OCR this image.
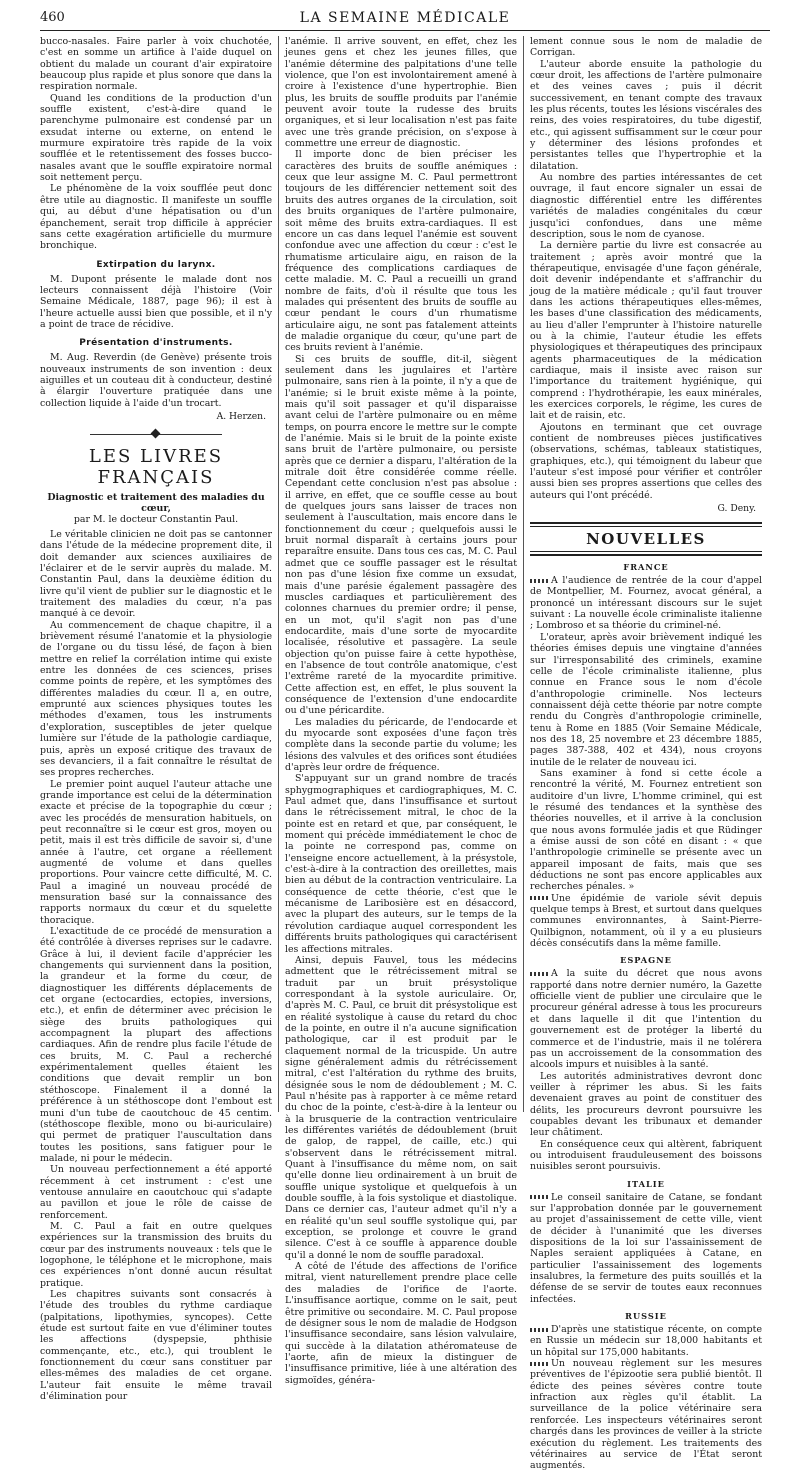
460	LA SEMAINE MÉDICALE

bucco-nasales. Faire parler à voix chuchotée, c'est en somme un artifice à l'aide duquel on obtient du malade un courant d'air expiratoire beaucoup plus rapide et plus sonore que dans la respiration normale.

Quand les conditions de la production d'un souffle existent, c'est-à-dire quand le parenchyme pulmonaire est condensé par un exsudat interne ou externe, on entend le murmure expiratoire très rapide de la voix soufflée et le retentissement des fosses bucco-nasales avant que le souffle expiratoire normal soit nettement perçu.

Le phénomène de la voix soufflée peut donc être utile au diagnostic. Il manifeste un souffle qui, au début d'une hépatisation ou d'un épanchement, serait trop difficile à apprécier sans cette exagération artificielle du murmure bronchique.

Extirpation du larynx.

M. Dupont présente le malade dont nos lecteurs connaissent déjà l'histoire (Voir Semaine Médicale, 1887, page 96); il est à l'heure actuelle aussi bien que possible, et il n'y a point de trace de récidive.

Présentation d'instruments.

M. Aug. Reverdin (de Genève) présente trois nouveaux instruments de son invention : deux aiguilles et un couteau dit à conducteur, destiné à élargir l'ouverture pratiquée dans une collection liquide à l'aide d'un trocart.

A. Herzen.
LES LIVRES FRANÇAIS
Diagnostic et traitement des maladies du cœur,
par M. le docteur Constantin Paul.

Le véritable clinicien ne doit pas se cantonner dans l'étude de la médecine proprement dite, il doit demander aux sciences auxiliaires de l'éclairer et de le servir auprès du malade. M. Constantin Paul, dans la deuxième édition du livre qu'il vient de publier sur le diagnostic et le traitement des maladies du cœur, n'a pas manqué à ce devoir.

Au commencement de chaque chapitre, il a brièvement résumé l'anatomie et la physiologie de l'organe ou du tissu lésé, de façon à bien mettre en relief la corrélation intime qui existe entre les données de ces sciences, prises comme points de repère, et les symptômes des différentes maladies du cœur. Il a, en outre, emprunté aux sciences physiques toutes les méthodes d'examen, tous les instruments d'exploration, susceptibles de jeter quelque lumière sur l'étude de la pathologie cardiaque, puis, après un exposé critique des travaux de ses devanciers, il a fait connaître le résultat de ses propres recherches.

Le premier point auquel l'auteur attache une grande importance est celui de la détermination exacte et précise de la topographie du cœur ; avec les procédés de mensuration habituels, on peut reconnaître si le cœur est gros, moyen ou petit, mais il est très difficile de savoir si, d'une année à l'autre, cet organe a réellement augmenté de volume et dans quelles proportions. Pour vaincre cette difficulté, M. C. Paul a imaginé un nouveau procédé de mensuration basé sur la connaissance des rapports normaux du cœur et du squelette thoracique.

L'exactitude de ce procédé de mensuration a été contrôlée à diverses reprises sur le cadavre. Grâce à lui, il devient facile d'apprécier les changements qui surviennent dans la position, la grandeur et la forme du cœur, de diagnostiquer les différents déplacements de cet organe (ectocardies, ectopies, inversions, etc.), et enfin de déterminer avec précision le siège des bruits pathologiques qui accompagnent la plupart des affections cardiaques. Afin de rendre plus facile l'étude de ces bruits, M. C. Paul a recherché expérimentalement quelles étaient les conditions que devait remplir un bon stéthoscope. Finalement il a donné la préférence à un stéthoscope dont l'embout est muni d'un tube de caoutchouc de 45 centim. (stéthoscope flexible, mono ou bi-auriculaire) qui permet de pratiquer l'auscultation dans toutes les positions, sans fatiguer pour le malade, ni pour le médecin.

Un nouveau perfectionnement a été apporté récemment à cet instrument : c'est une ventouse annulaire en caoutchouc qui s'adapte au pavillon et joue le rôle de caisse de renforcement.

M. C. Paul a fait en outre quelques expériences sur la transmission des bruits du cœur par des instruments nouveaux : tels que le logophone, le téléphone et le microphone, mais ces expériences n'ont donné aucun résultat pratique.

Les chapitres suivants sont consacrés à l'étude des troubles du rythme cardiaque (palpitations, lipothymies, syncopes). Cette étude est surtout faite en vue d'éliminer toutes les affections (dyspepsie, phthisie commençante, etc., etc.), qui troublent le fonctionnement du cœur sans constituer par elles-mêmes des maladies de cet organe. L'auteur fait ensuite le même travail d'élimination pour

l'anémie. Il arrive souvent, en effet, chez les jeunes gens et chez les jeunes filles, que l'anémie détermine des palpitations d'une telle violence, que l'on est involontairement amené à croire à l'existence d'une hypertrophie. Bien plus, les bruits de souffle produits par l'anémie peuvent avoir toute la rudesse des bruits organiques, et si leur localisation n'est pas faite avec une très grande précision, on s'expose à commettre une erreur de diagnostic.

Il importe donc de bien préciser les caractères des bruits de souffle anémiques : ceux que leur assigne M. C. Paul permettront toujours de les différencier nettement soit des bruits des autres organes de la circulation, soit des bruits organiques de l'artère pulmonaire, soit même des bruits extra-cardiaques. Il est encore un cas dans lequel l'anémie est souvent confondue avec une affection du cœur : c'est le rhumatisme articulaire aigu, en raison de la fréquence des complications cardiaques de cette maladie. M. C. Paul a recueilli un grand nombre de faits, d'où il résulte que tous les malades qui présentent des bruits de souffle au cœur pendant le cours d'un rhumatisme articulaire aigu, ne sont pas fatalement atteints de maladie organique du cœur, qu'une part de ces bruits revient à l'anémie.

Si ces bruits de souffle, dit-il, siègent seulement dans les jugulaires et l'artère pulmonaire, sans rien à la pointe, il n'y a que de l'anémie; si le bruit existe même à la pointe, mais qu'il soit passager et qu'il disparaisse avant celui de l'artère pulmonaire ou en même temps, on pourra encore le mettre sur le compte de l'anémie. Mais si le bruit de la pointe existe sans bruit de l'artère pulmonaire, ou persiste après que ce dernier a disparu, l'altération de la mitrale doit être considérée comme réelle. Cependant cette conclusion n'est pas absolue : il arrive, en effet, que ce souffle cesse au bout de quelques jours sans laisser de traces non seulement à l'auscultation, mais encore dans le fonctionnement du cœur ; quelquefois aussi le bruit normal disparaît à certains jours pour reparaître ensuite. Dans tous ces cas, M. C. Paul admet que ce souffle passager est le résultat non pas d'une lésion fixe comme un exsudat, mais d'une parésie également passagère des muscles cardiaques et particulièrement des colonnes charnues du premier ordre; il pense, en un mot, qu'il s'agit non pas d'une endocardite, mais d'une sorte de myocardite localisée, résolutive et passagère. La seule objection qu'on puisse faire à cette hypothèse, en l'absence de tout contrôle anatomique, c'est l'extrême rareté de la myocardite primitive. Cette affection est, en effet, le plus souvent la conséquence de l'extension d'une endocardite ou d'une péricardite.

Les maladies du péricarde, de l'endocarde et du myocarde sont exposées d'une façon très complète dans la seconde partie du volume; les lésions des valvules et des orifices sont étudiées d'après leur ordre de fréquence.

S'appuyant sur un grand nombre de tracés sphygmographiques et cardiographiques, M. C. Paul admet que, dans l'insuffisance et surtout dans le rétrécissement mitral, le choc de la pointe est en retard et que, par conséquent, le moment qui précède immédiatement le choc de la pointe ne correspond pas, comme on l'enseigne encore actuellement, à la présystole, c'est-à-dire à la contraction des oreillettes, mais bien au début de la contraction ventriculaire. La conséquence de cette théorie, c'est que le mécanisme de Laribosière est en désaccord, avec la plupart des auteurs, sur le temps de la révolution cardiaque auquel correspondent les différents bruits pathologiques qui caractérisent les affections mitrales.

Ainsi, depuis Fauvel, tous les médecins admettent que le rétrécissement mitral se traduit par un bruit présystolique correspondant à la systole auriculaire. Or, d'après M. C. Paul, ce bruit dit présystolique est en réalité systolique à cause du retard du choc de la pointe, en outre il n'a aucune signification pathologique, car il est produit par le claquement normal de la tricuspide. Un autre signe généralement admis du rétrécissement mitral, c'est l'altération du rythme des bruits, désignée sous le nom de dédoublement ; M. C. Paul n'hésite pas à rapporter à ce même retard du choc de la pointe, c'est-à-dire à la lenteur ou à la brusquerie de la contraction ventriculaire les différentes variétés de dédoublement (bruit de galop, de rappel, de caille, etc.) qui s'observent dans le rétrécissement mitral. Quant à l'insuffisance du même nom, on sait qu'elle donne lieu ordinairement à un bruit de souffle unique systolique et quelquefois à un double souffle, à la fois systolique et diastolique. Dans ce dernier cas, l'auteur admet qu'il n'y a en réalité qu'un seul souffle systolique qui, par exception, se prolonge et couvre le grand silence. C'est à ce souffle à apparence double qu'il a donné le nom de souffle paradoxal.

A côté de l'étude des affections de l'orifice mitral, vient naturellement prendre place celle des maladies de l'orifice de l'aorte. L'insuffisance aortique, comme on le sait, peut être primitive ou secondaire. M. C. Paul propose de désigner sous le nom de maladie de Hodgson l'insuffisance secondaire, sans lésion valvulaire, qui succède à la dilatation athéromateuse de l'aorte, afin de mieux la distinguer de l'insuffisance primitive, liée à une altération des sigmoïdes, généra-

lement connue sous le nom de maladie de Corrigan.

L'auteur aborde ensuite la pathologie du cœur droit, les affections de l'artère pulmonaire et des veines caves ; puis il décrit successivement, en tenant compte des travaux les plus récents, toutes les lésions viscérales des reins, des voies respiratoires, du tube digestif, etc., qui agissent suffisamment sur le cœur pour y déterminer des lésions profondes et persistantes telles que l'hypertrophie et la dilatation.

Au nombre des parties intéressantes de cet ouvrage, il faut encore signaler un essai de diagnostic différentiel entre les différentes variétés de maladies congénitales du cœur jusqu'ici confondues, dans une même description, sous le nom de cyanose.

La dernière partie du livre est consacrée au traitement ; après avoir montré que la thérapeutique, envisagée d'une façon générale, doit devenir indépendante et s'affranchir du joug de la matière médicale ; qu'il faut trouver dans les actions thérapeutiques elles-mêmes, les bases d'une classification des médicaments, au lieu d'aller l'emprunter à l'histoire naturelle ou à la chimie, l'auteur étudie les effets physiologiques et thérapeutiques des principaux agents pharmaceutiques de la médication cardiaque, mais il insiste avec raison sur l'importance du traitement hygiénique, qui comprend : l'hydrothérapie, les eaux minérales, les exercices corporels, le régime, les cures de lait et de raisin, etc.

Ajoutons en terminant que cet ouvrage contient de nombreuses pièces justificatives (observations, schémas, tableaux statistiques, graphiques, etc.), qui témoignent du labeur que l'auteur s'est imposé pour vérifier et contrôler aussi bien ses propres assertions que celles des auteurs qui l'ont précédé.

G. Deny.
NOUVELLES
FRANCE

A l'audience de rentrée de la cour d'appel de Montpellier, M. Fournez, avocat général, a prononcé un intéressant discours sur le sujet suivant : La nouvelle école criminaliste italienne ; Lombroso et sa théorie du criminel-né.

L'orateur, après avoir brièvement indiqué les théories émises depuis une vingtaine d'années sur l'irresponsabilité des criminels, examine celle de l'école criminaliste italienne, plus connue en France sous le nom d'école d'anthropologie criminelle. Nos lecteurs connaissent déjà cette théorie par notre compte rendu du Congrès d'anthropologie criminelle, tenu à Rome en 1885 (Voir Semaine Médicale, nos des 18, 25 novembre et 23 décembre 1885, pages 387-388, 402 et 434), nous croyons inutile de le relater de nouveau ici.

Sans examiner à fond si cette école a rencontré la vérité, M. Fournez entretient son auditoire d'un livre, L'homme criminel, qui est le résumé des tendances et la synthèse des théories nouvelles, et il arrive à la conclusion que nous avons formulée jadis et que Rüdinger a émise aussi de son côté en disant : « que l'anthropologie criminelle se présente avec un appareil imposant de faits, mais que ses déductions ne sont pas encore applicables aux recherches pénales. »

Une épidémie de variole sévit depuis quelque temps à Brest, et surtout dans quelques communes environnantes, à Saint-Pierre-Quilbignon, notamment, où il y a eu plusieurs décès consécutifs dans la même famille.

ESPAGNE

A la suite du décret que nous avons rapporté dans notre dernier numéro, la Gazette officielle vient de publier une circulaire que le procureur général adresse à tous les procureurs et dans laquelle il dit que l'intention du gouvernement est de protéger la liberté du commerce et de l'industrie, mais il ne tolérera pas un accroissement de la consommation des alcools impurs et nuisibles à la santé.

Les autorités administratives devront donc veiller à réprimer les abus. Si les faits devenaient graves au point de constituer des délits, les procureurs devront poursuivre les coupables devant les tribunaux et demander leur châtiment.

En conséquence ceux qui altèrent, fabriquent ou introduisent frauduleusement des boissons nuisibles seront poursuivis.

ITALIE

Le conseil sanitaire de Catane, se fondant sur l'approbation donnée par le gouvernement au projet d'assainissement de cette ville, vient de décider à l'unanimité que les diverses dispositions de la loi sur l'assainissement de Naples seraient appliquées à Catane, en particulier l'assainissement des logements insalubres, la fermeture des puits souillés et la défense de se servir de toutes eaux reconnues infectées.

RUSSIE

D'après une statistique récente, on compte en Russie un médecin sur 18,000 habitants et un hôpital sur 175,000 habitants.

Un nouveau règlement sur les mesures préventives de l'épizootie sera publié bientôt. Il édicte des peines sévères contre toute infraction aux règles qu'il établit. La surveillance de la police vétérinaire sera renforcée. Les inspecteurs vétérinaires seront chargés dans les provinces de veiller à la stricte exécution du règlement. Les traitements des vétérinaires au service de l'État seront augmentés.
